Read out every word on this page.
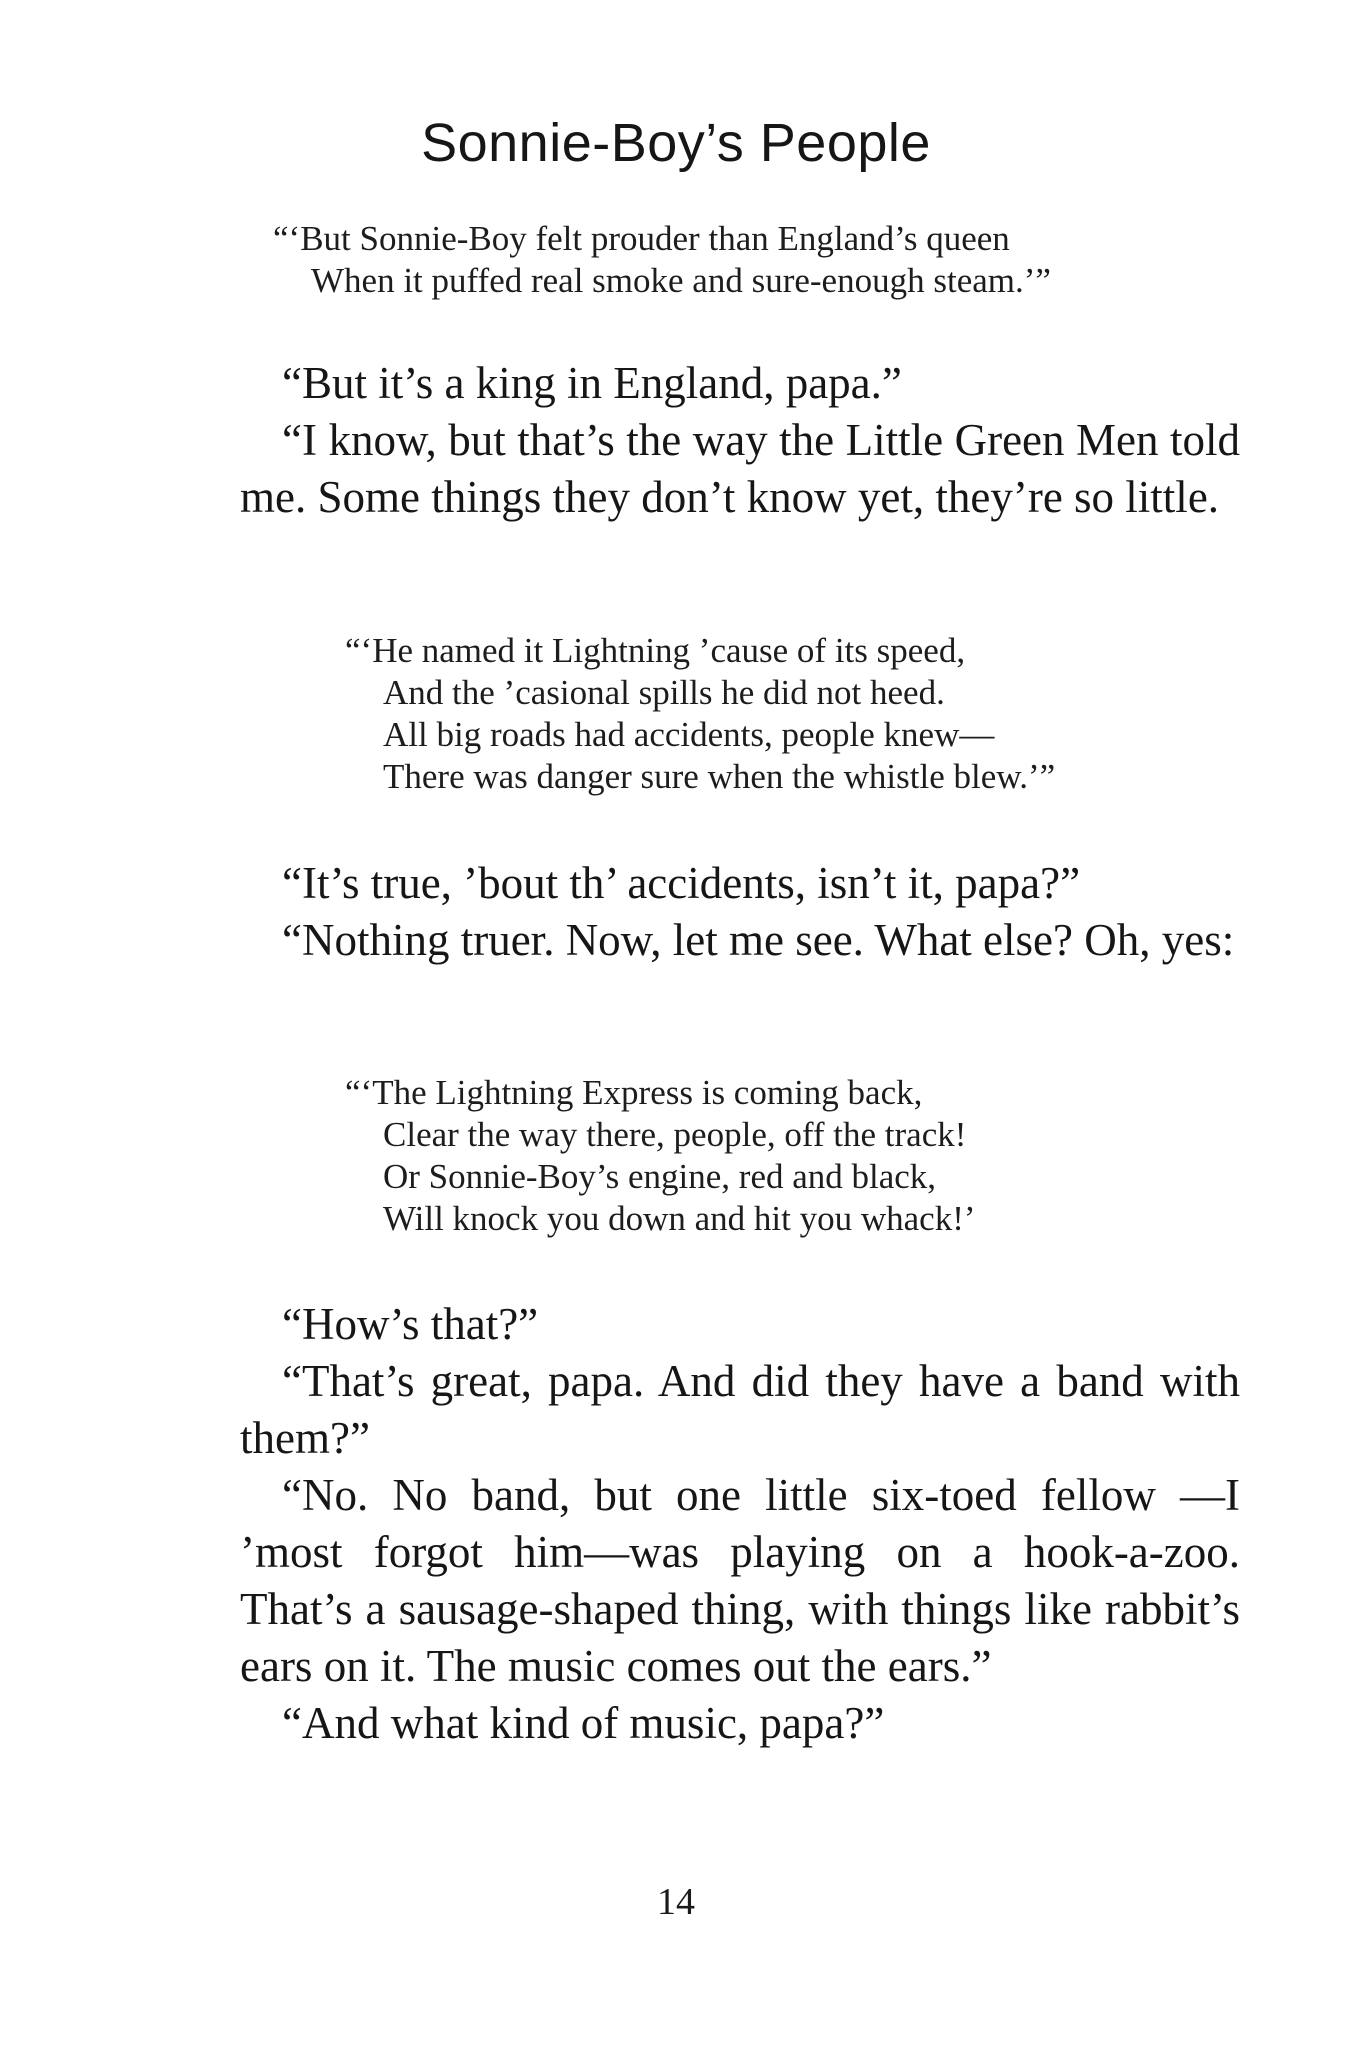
Sonnie-Boy’s People
“‘But Sonnie-Boy felt prouder than England’s queen
When it puffed real smoke and sure-enough steam.’”

“But it’s a king in England, papa.”

“I know, but that’s the way the Little Green Men told me. Some things they don’t know yet, they’re so little.

“‘He named it Lightning ’cause of its speed,
And the ’casional spills he did not heed.
All big roads had accidents, people knew—
There was danger sure when the whistle blew.’”

“It’s true, ’bout th’ accidents, isn’t it, papa?”

“Nothing truer. Now, let me see. What else? Oh, yes:

“‘The Lightning Express is coming back,
Clear the way there, people, off the track!
Or Sonnie-Boy’s engine, red and black,
Will knock you down and hit you whack!’

“How’s that?”

“That’s great, papa. And did they have a band with them?”

“No. No band, but one little six-toed fellow —I ’most forgot him—was playing on a hook-a-zoo. That’s a sausage-shaped thing, with things like rabbit’s ears on it. The music comes out the ears.”

“And what kind of music, papa?”

14
